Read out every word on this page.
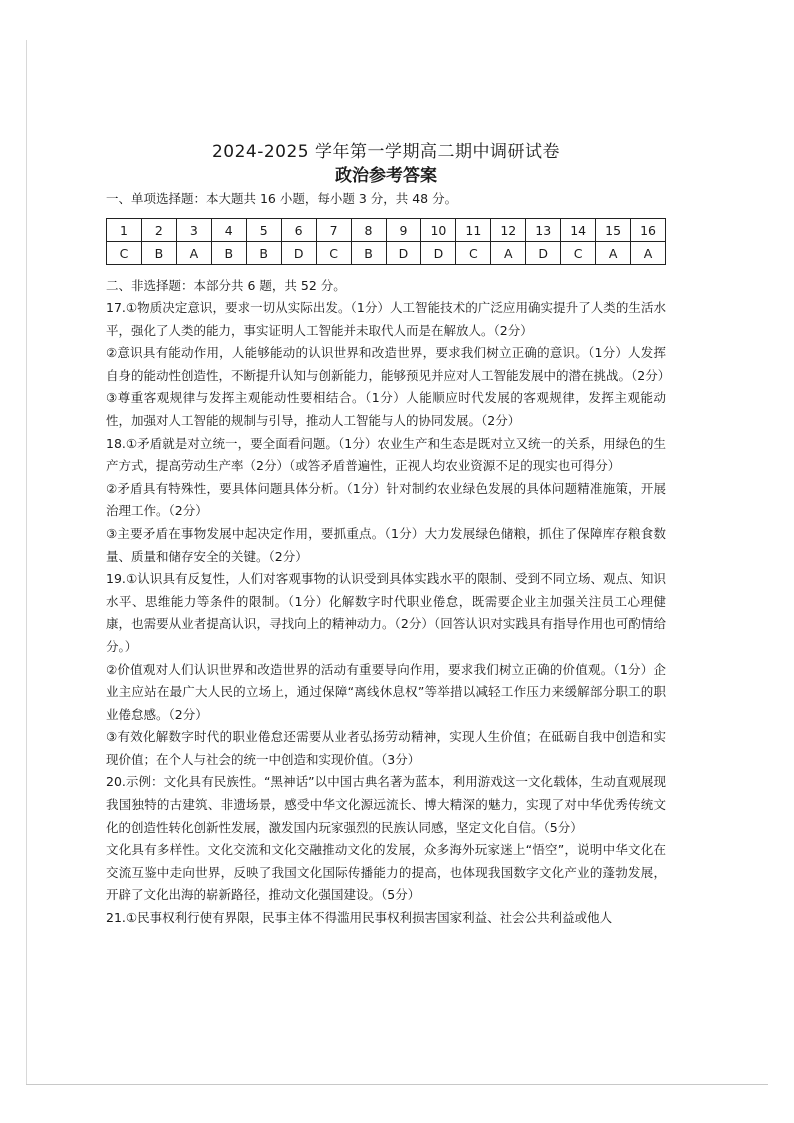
2024-2025 学年第一学期高二期中调研试卷
政治参考答案

一、单项选择题：本大题共 16 小题，每小题 3 分，共 48 分。

1	2	3	4	5	6	7	8	9	10	11	12	13	14	15	16
C	B	A	B	B	D	C	B	D	D	C	A	D	C	A	A

二、非选择题：本部分共 6 题，共 52 分。

17.①物质决定意识，要求一切从实际出发。（1分）人工智能技术的广泛应用确实提升了人类的生活水平，强化了人类的能力，事实证明人工智能并未取代人而是在解放人。（2分）

②意识具有能动作用，人能够能动的认识世界和改造世界，要求我们树立正确的意识。（1分）人发挥自身的能动性创造性，不断提升认知与创新能力，能够预见并应对人工智能发展中的潜在挑战。（2分）

③尊重客观规律与发挥主观能动性要相结合。（1分）人能顺应时代发展的客观规律，发挥主观能动性，加强对人工智能的规制与引导，推动人工智能与人的协同发展。（2分）

18.①矛盾就是对立统一，要全面看问题。（1分）农业生产和生态是既对立又统一的关系，用绿色的生产方式，提高劳动生产率（2分）（或答矛盾普遍性，正视人均农业资源不足的现实也可得分）

②矛盾具有特殊性，要具体问题具体分析。（1分）针对制约农业绿色发展的具体问题精准施策，开展治理工作。（2分）

③主要矛盾在事物发展中起决定作用，要抓重点。（1分）大力发展绿色储粮，抓住了保障库存粮食数量、质量和储存安全的关键。（2分）

19.①认识具有反复性，人们对客观事物的认识受到具体实践水平的限制、受到不同立场、观点、知识水平、思维能力等条件的限制。（1分）化解数字时代职业倦怠，既需要企业主加强关注员工心理健康，也需要从业者提高认识，寻找向上的精神动力。（2分）（回答认识对实践具有指导作用也可酌情给分。）

②价值观对人们认识世界和改造世界的活动有重要导向作用，要求我们树立正确的价值观。（1分）企业主应站在最广大人民的立场上，通过保障“离线休息权”等举措以减轻工作压力来缓解部分职工的职业倦怠感。（2分）

③有效化解数字时代的职业倦怠还需要从业者弘扬劳动精神，实现人生价值；在砥砺自我中创造和实现价值；在个人与社会的统一中创造和实现价值。（3分）

20.示例：文化具有民族性。“黑神话”以中国古典名著为蓝本，利用游戏这一文化载体，生动直观展现我国独特的古建筑、非遗场景，感受中华文化源远流长、博大精深的魅力，实现了对中华优秀传统文化的创造性转化创新性发展，激发国内玩家强烈的民族认同感，坚定文化自信。（5分）

文化具有多样性。文化交流和文化交融推动文化的发展，众多海外玩家迷上“悟空”，说明中华文化在交流互鉴中走向世界，反映了我国文化国际传播能力的提高，也体现我国数字文化产业的蓬勃发展，开辟了文化出海的崭新路径，推动文化强国建设。（5分）

21.①民事权利行使有界限，民事主体不得滥用民事权利损害国家利益、社会公共利益或他人
